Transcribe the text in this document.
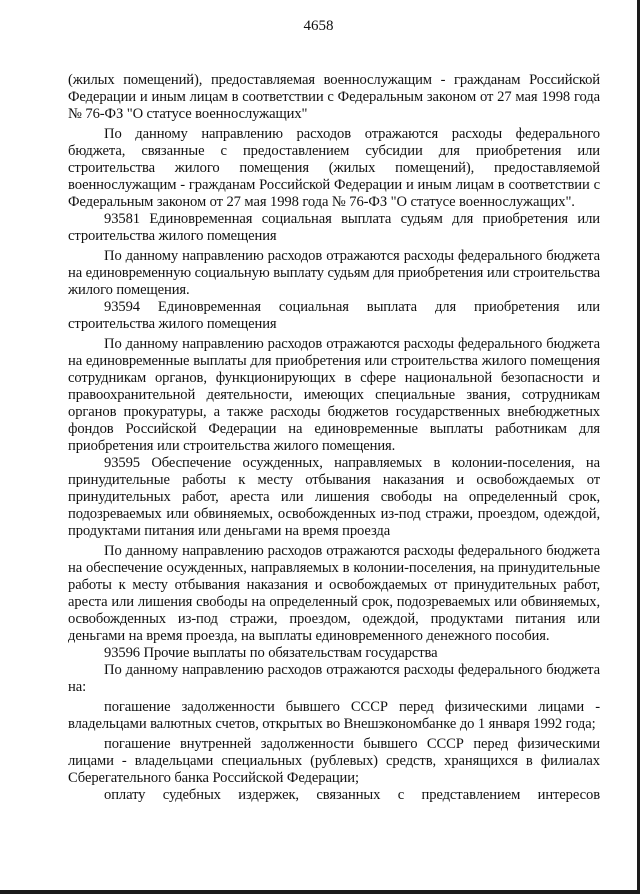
4658

(жилых помещений), предоставляемая военнослужащим - гражданам Российской Федерации и иным лицам в соответствии с Федеральным законом от 27 мая 1998 года № 76-ФЗ "О статусе военнослужащих"

По данному направлению расходов отражаются расходы федерального бюджета, связанные с предоставлением субсидии для приобретения или строительства жилого помещения (жилых помещений), предоставляемой военнослужащим - гражданам Российской Федерации и иным лицам в соответствии с Федеральным законом от 27 мая 1998 года № 76-ФЗ "О статусе военнослужащих".

93581 Единовременная социальная выплата судьям для приобретения или строительства жилого помещения

По данному направлению расходов отражаются расходы федерального бюджета на единовременную социальную выплату судьям для приобретения или строительства жилого помещения.

93594 Единовременная социальная выплата для приобретения или строительства жилого помещения

По данному направлению расходов отражаются расходы федерального бюджета на единовременные выплаты для приобретения или строительства жилого помещения сотрудникам органов, функционирующих в сфере национальной безопасности и правоохранительной деятельности, имеющих специальные звания, сотрудникам органов прокуратуры, а также расходы бюджетов государственных внебюджетных фондов Российской Федерации на единовременные выплаты работникам для приобретения или строительства жилого помещения.

93595 Обеспечение осужденных, направляемых в колонии-поселения, на принудительные работы к месту отбывания наказания и освобождаемых от принудительных работ, ареста или лишения свободы на определенный срок, подозреваемых или обвиняемых, освобожденных из-под стражи, проездом, одеждой, продуктами питания или деньгами на время проезда

По данному направлению расходов отражаются расходы федерального бюджета на обеспечение осужденных, направляемых в колонии-поселения, на принудительные работы к месту отбывания наказания и освобождаемых от принудительных работ, ареста или лишения свободы на определенный срок, подозреваемых или обвиняемых, освобожденных из-под стражи, проездом, одеждой, продуктами питания или деньгами на время проезда, на выплаты единовременного денежного пособия.

93596 Прочие выплаты по обязательствам государства

По данному направлению расходов отражаются расходы федерального бюджета на:

погашение задолженности бывшего СССР перед физическими лицами - владельцами валютных счетов, открытых во Внешэкономбанке до 1 января 1992 года;

погашение внутренней задолженности бывшего СССР перед физическими лицами - владельцами специальных (рублевых) средств, хранящихся в филиалах Сберегательного банка Российской Федерации;

оплату судебных издержек, связанных с представлением интересов
